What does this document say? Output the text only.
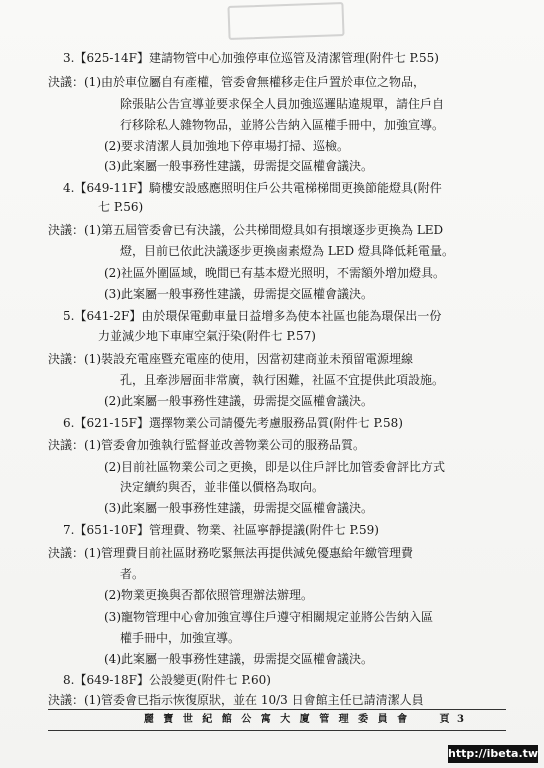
3.【625-14F】建請物管中心加強停車位巡管及清潔管理(附件七 P.55)
決議：(1)由於車位屬自有產權，管委會無權移走住戶置於車位之物品，
除張貼公告宣導並要求保全人員加強巡邏貼違規單，請住戶自
行移除私人雜物物品，並將公告納入區權手冊中，加強宣導。
(2)要求清潔人員加強地下停車場打掃、巡檢。
(3)此案屬一般事務性建議，毋需提交區權會議決。
4.【649-11F】騎樓安設感應照明住戶公共電梯梯間更換節能燈具(附件
七 P.56)
決議：(1)第五屆管委會已有決議，公共梯間燈具如有損壞逐步更換為 LED
燈，目前已依此決議逐步更換鹵素燈為 LED 燈具降低耗電量。
(2)社區外圍區域，晚間已有基本燈光照明，不需額外增加燈具。
(3)此案屬一般事務性建議，毋需提交區權會議決。
5.【641-2F】由於環保電動車量日益增多為使本社區也能為環保出一份
力並減少地下車庫空氣汙染(附件七 P.57)
決議：(1)裝設充電座暨充電座的使用，因當初建商並未預留電源埋線
孔，且牽涉層面非常廣，執行困難，社區不宜提供此項設施。
(2)此案屬一般事務性建議，毋需提交區權會議決。
6.【621-15F】選擇物業公司請優先考慮服務品質(附件七 P.58)
決議：(1)管委會加強執行監督並改善物業公司的服務品質。
(2)目前社區物業公司之更換，即是以住戶評比加管委會評比方式
決定續約與否，並非僅以價格為取向。
(3)此案屬一般事務性建議，毋需提交區權會議決。
7.【651-10F】管理費、物業、社區寧靜提議(附件七 P.59)
決議：(1)管理費目前社區財務吃緊無法再提供減免優惠給年繳管理費
者。
(2)物業更換與否都依照管理辦法辦理。
(3)寵物管理中心會加強宣導住戶遵守相關規定並將公告納入區
權手冊中，加強宣導。
(4)此案屬一般事務性建議，毋需提交區權會議決。
8.【649-18F】公設變更(附件七 P.60)
決議：(1)管委會已指示恢復原狀，並在 10/3 日會館主任已請清潔人員
麗 寶 世 紀 館 公 寓 大 廈 管 理 委 員 會	頁 3
http://ibeta.tw
